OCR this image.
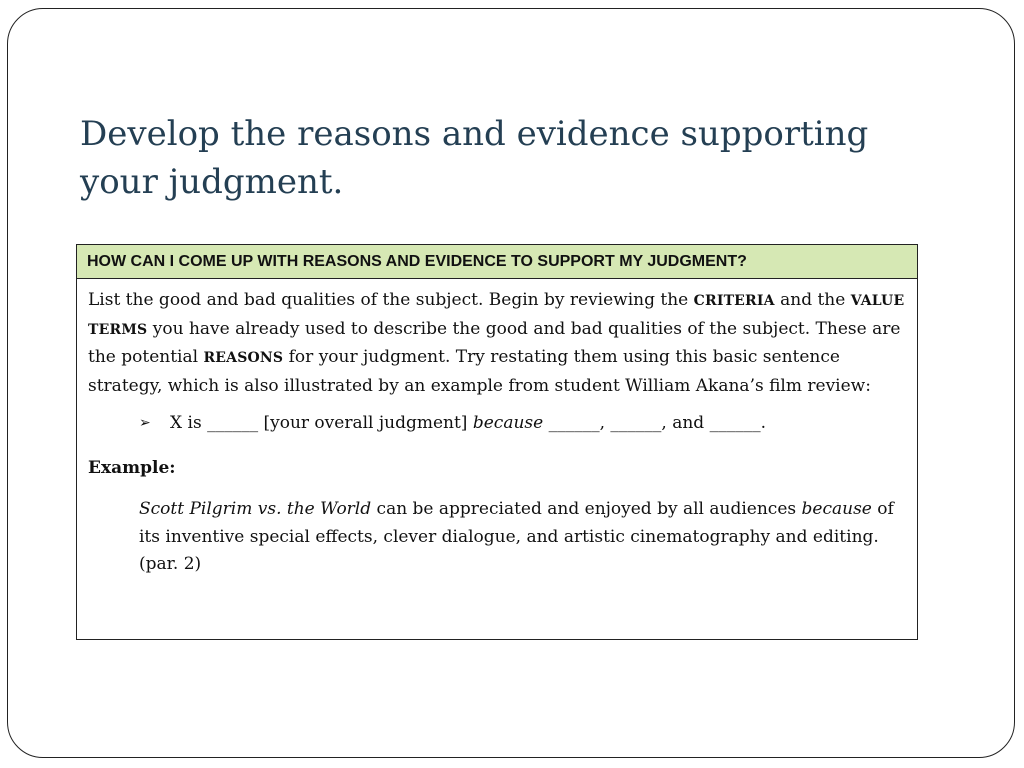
Develop the reasons and evidence supporting your judgment.
HOW CAN I COME UP WITH REASONS AND EVIDENCE TO SUPPORT MY JUDGMENT?

List the good and bad qualities of the subject. Begin by reviewing the CRITERIA and the VALUE TERMS you have already used to describe the good and bad qualities of the subject. These are the potential REASONS for your judgment. Try restating them using this basic sentence strategy, which is also illustrated by an example from student William Akana’s film review:

➢	X is ______ [your overall judgment] because ______, ______, and ______.

Example:

Scott Pilgrim vs. the World can be appreciated and enjoyed by all audiences because of its inventive special effects, clever dialogue, and artistic cinematography and editing. (par. 2)
